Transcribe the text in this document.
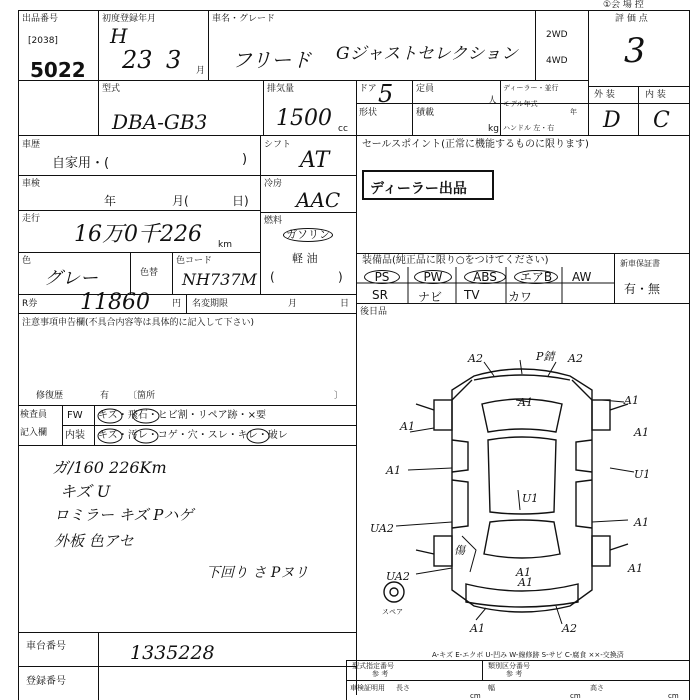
①会 場 控
出品番号
[2038]
5022
初度登録年月
H
23 3 月
車名・グレード
フリード Gジャストセレクション
2WD
4WD
評 価 点
3
外 装	内 装
D C
型式
DBA-GB3
排気量
1500 cc
ドア 5
形状
定員
人
積載
kg
ディーラー・並行
モデル年式
年
ハンドル 左・右
車歴
自家用・(	)
シフト
AT
車検
年	月(	日)
冷房
AAC
走行
16万0千226 km
燃料
ガソリン
軽 油
(	)
色
グレー	色替
色コード
NH737M
R券 11860 円 名変期限	月	日
注意事項申告欄(不具合内容等は具体的に記入して下さい)
修復歴	有 〔箇所	〕
検査員
記入欄
FW キズ・飛石・ヒビ割・リペア跡・×要
内装 キズ・汚レ・コゲ・穴・スレ・キレ・破レ
ガ/160 226Km
キズ U
ロミラー キズ Pハゲ
外板 色アセ
下回り さ Pヌリ
セールスポイント(正常に機能するものに限ります)
ディーラー出品
装備品(純正品に限り○をつけてください)	新車保証書
有・無
PS	PW	ABS	エアB	AW
SR	ナビ	TV	カワ
後日品
A2	P錆 A2
A1	A1
A1	A1
U1
A1	U1
A1
UA2
UA2	A1
A1
A1	A2
A1
傷
スペア
A-キズ E-エクボ U-凹み W-線修跡 S-サビ C-腐食 ××-交換済
車台番号	1335228
登録番号
型式指定番号
参 考
類別区分番号
参 考
車検証明用 長さ
cm
幅
cm
高さ
cm
